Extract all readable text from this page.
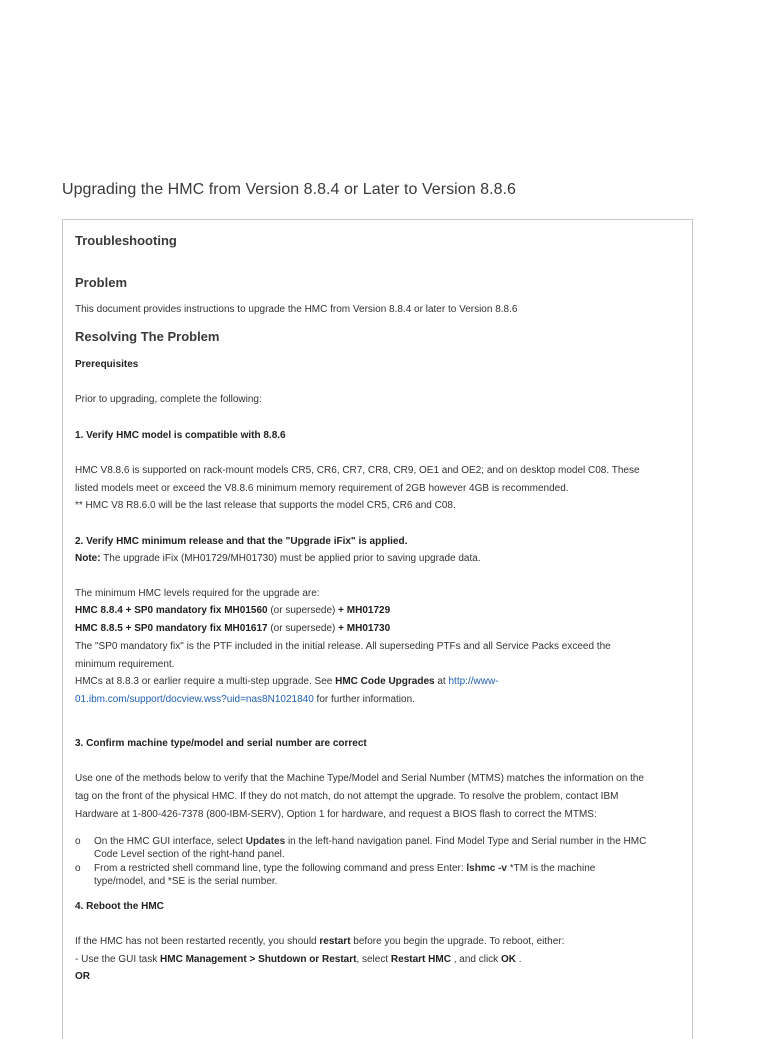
Upgrading the HMC from Version 8.8.4 or Later to Version 8.8.6
Troubleshooting
Problem
This document provides instructions to upgrade the HMC from Version 8.8.4 or later to Version 8.8.6
Resolving The Problem
Prerequisites
Prior to upgrading, complete the following:
1. Verify HMC model is compatible with 8.8.6
HMC V8.8.6 is supported on rack-mount models CR5, CR6, CR7, CR8, CR9, OE1 and OE2; and on desktop model C08. These
listed models meet or exceed the V8.8.6 minimum memory requirement of 2GB however 4GB is recommended.
** HMC V8 R8.6.0 will be the last release that supports the model CR5, CR6 and C08.
2. Verify HMC minimum release and that the "Upgrade iFix" is applied.
Note: The upgrade iFix (MH01729/MH01730) must be applied prior to saving upgrade data.
The minimum HMC levels required for the upgrade are:
HMC 8.8.4 + SP0 mandatory fix MH01560 (or supersede) + MH01729
HMC 8.8.5 + SP0 mandatory fix MH01617 (or supersede) + MH01730
The "SP0 mandatory fix" is the PTF included in the initial release. All superseding PTFs and all Service Packs exceed the
minimum requirement.
HMCs at 8.8.3 or earlier require a multi-step upgrade. See HMC Code Upgrades at http://www-
01.ibm.com/support/docview.wss?uid=nas8N1021840 for further information.
3. Confirm machine type/model and serial number are correct
Use one of the methods below to verify that the Machine Type/Model and Serial Number (MTMS) matches the information on the
tag on the front of the physical HMC. If they do not match, do not attempt the upgrade. To resolve the problem, contact IBM
Hardware at 1-800-426-7378 (800-IBM-SERV), Option 1 for hardware, and request a BIOS flash to correct the MTMS:
o On the HMC GUI interface, select Updates in the left-hand navigation panel. Find Model Type and Serial number in the HMC
Code Level section of the right-hand panel.
o From a restricted shell command line, type the following command and press Enter: lshmc -v *TM is the machine
type/model, and *SE is the serial number.
4. Reboot the HMC
If the HMC has not been restarted recently, you should restart before you begin the upgrade. To reboot, either:
- Use the GUI task HMC Management > Shutdown or Restart, select Restart HMC , and click OK .
OR
